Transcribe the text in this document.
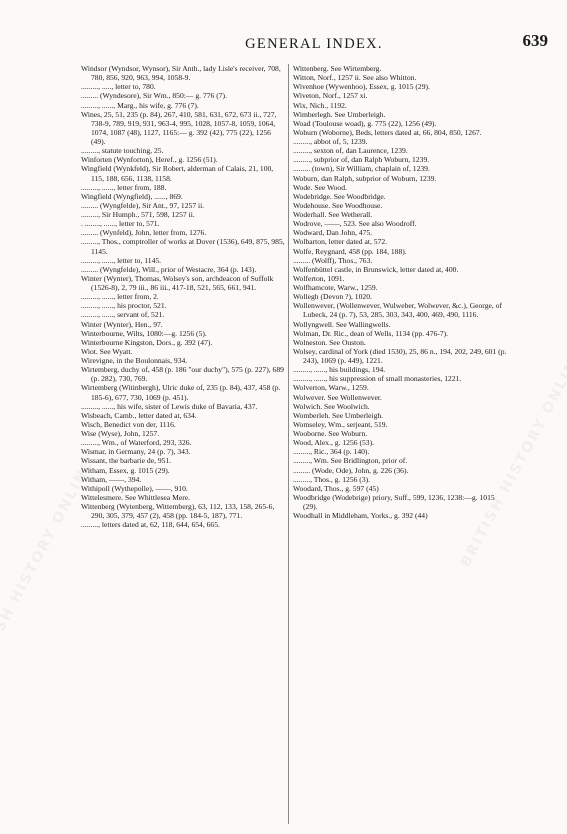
GENERAL INDEX.	639
Windsor (Wyndsor, Wynsor), Sir Anth., lady Lisle's receiver, 708, 780, 856, 920, 963, 994, 1058-9.
........., ....., letter to, 780.
......... (Wyndesore), Sir Wm., 850:— g. 776 (7).
........., ......, Marg., his wife, g. 776 (7).
Wines, 25, 51, 235 (p. 84), 267, 410, 581, 631, 672, 673 ii., 727, 738-9, 789, 919, 931, 963-4, 995, 1028, 1057-8, 1059, 1064, 1074, 1087 (48), 1127, 1165:— g. 392 (42), 775 (22), 1256 (49).
........., statute touching, 25.
Winforten (Wynforton), Heref., g. 1256 (51).
Wingfield (Wynkfeld), Sir Robert, alderman of Calais, 21, 100, 115, 188, 656, 1138, 1158.
........., ......, letter from, 188.
Wingfield (Wyngfield), ......, 869.
......... (Wyngfelde), Sir Ant., 97, 1257 ii.
........., Sir Humph., 571, 598, 1257 ii.
. ........, ......, letter to, 571.
......... (Wynfeld), John, letter from, 1276.
........., Thos., comptroller of works at Dover (1536), 649, 875, 985, 1145.
........., ......, letter to, 1145.
......... (Wyngfelde), Will., prior of Westacre, 364 (p. 143).
Winter (Wynter), Thomas, Wolsey's son, archdeacon of Suffolk (1526-8), 2, 79 iii., 86 iii., 417-18, 521, 565, 661, 941.
........., ......, letter from, 2.
........., ......, his proctor, 521.
........., ......, servant of, 521.
Winter (Wynter), Hen., 97.
Winterbourne, Wilts, 1080:—g. 1256 (5).
Winterbourne Kingston, Dors., g. 392 (47).
Wiot. See Wyatt.
Wirevigne, in the Boulonnais, 934.
Wirtemberg, duchy of, 458 (p. 186 "our duchy"), 575 (p. 227), 689 (p. 282), 730, 769.
Wirtemberg (Witinbergh), Ulric duke of, 235 (p. 84), 437, 458 (p. 185-6), 677, 730, 1069 (p. 451).
........., ......, his wife, sister of Lewis duke of Bavaria, 437.
Wisbeach, Camb., letter dated at, 634.
Wisch, Benedict von der, 1116.
Wise (Wyse), John, 1257.
........., Wm., of Waterford, 293, 326.
Wismar, in Germany, 24 (p. 7), 343.
Wissant, the barbarie de, 951.
Witham, Essex, g. 1015 (29).
Witham, ——, 394.
Withipoll (Wythepolle), ——, 910.
Wittelesmere. See Whittlesea Mere.
Wittenberg (Wytenberg, Wittemberg), 63, 112, 133, 158, 265-6, 290, 305, 379, 457 (2), 458 (pp. 184-5, 187), 771.
........., letters dated at, 62, 118, 644, 654, 665.
Wittenberg. See Wirtemberg.
Witton, Norf., 1257 ii. See also Whitton.
Wivenhoe (Wywenhoo), Essex, g. 1015 (29).
Wiveton, Norf., 1257 xi.
Wix, Nich., 1192.
Wimberlegh. See Umberleigh.
Woad (Toulouse woad), g. 775 (22), 1256 (49).
Woburn (Woborne), Beds, letters dated at, 66, 804, 850, 1267.
........., abbot of, 5, 1239.
........., sexton of, dan Laurence, 1239.
........., subprior of, dan Ralph Woburn, 1239.
......... (town), Sir William, chaplain of, 1239.
Woburn, dan Ralph, subprior of Woburn, 1239.
Wode. See Wood.
Wodebridge. See Woodbridge.
Wodehouse. See Woodhouse.
Woderhall. See Wetherall.
Wodrove, ——, 523. See also Woodroff.
Wodward, Dan John, 475.
Wolbarton, letter dated at, 572.
Wolfe, Reygnard, 458 (pp. 184, 188).
......... (Wolff), Thos., 763.
Wolfenbüttel castle, in Brunswick, letter dated at, 400.
Wolferton, 1091.
Wolfhamcote, Warw., 1259.
Wollegh (Devon ?), 1020.
Wollenwever, (Wollenwever, Wulweber, Wolwever, &c.), George, of Lubeck, 24 (p. 7), 53, 285, 303, 343, 400, 469, 490, 1116.
Wollyngwell. See Wallingwells.
Wolman, Dr. Ric., dean of Wells, 1134 (pp. 476-7).
Wolneston. See Ouston.
Wolsey, cardinal of York (died 1530), 25, 86 n., 194, 202, 249, 601 (p. 243), 1069 (p. 449), 1221.
........., ......, his buildings, 194.
........., ......, his suppression of small monasteries, 1221.
Wolverton, Warw., 1259.
Wolwever. See Wollenwever.
Wolwich. See Woolwich.
Womberleh. See Umberleigh.
Womseley, Wm., serjeant, 519.
Wooborne. See Woburn.
Wood, Alex., g. 1256 (53).
........., Ric., 364 (p. 140).
........., Wm. See Bridlington, prior of.
......... (Wode, Ode), John, g. 226 (36).
........., Thos., g. 1256 (3).
Woodard, Thos., g. 597 (45)
Woodbridge (Wodebrige) priory, Suff., 599, 1236, 1238:—g. 1015 (29).
Woodhall in Middleham, Yorks., g. 392 (44)
